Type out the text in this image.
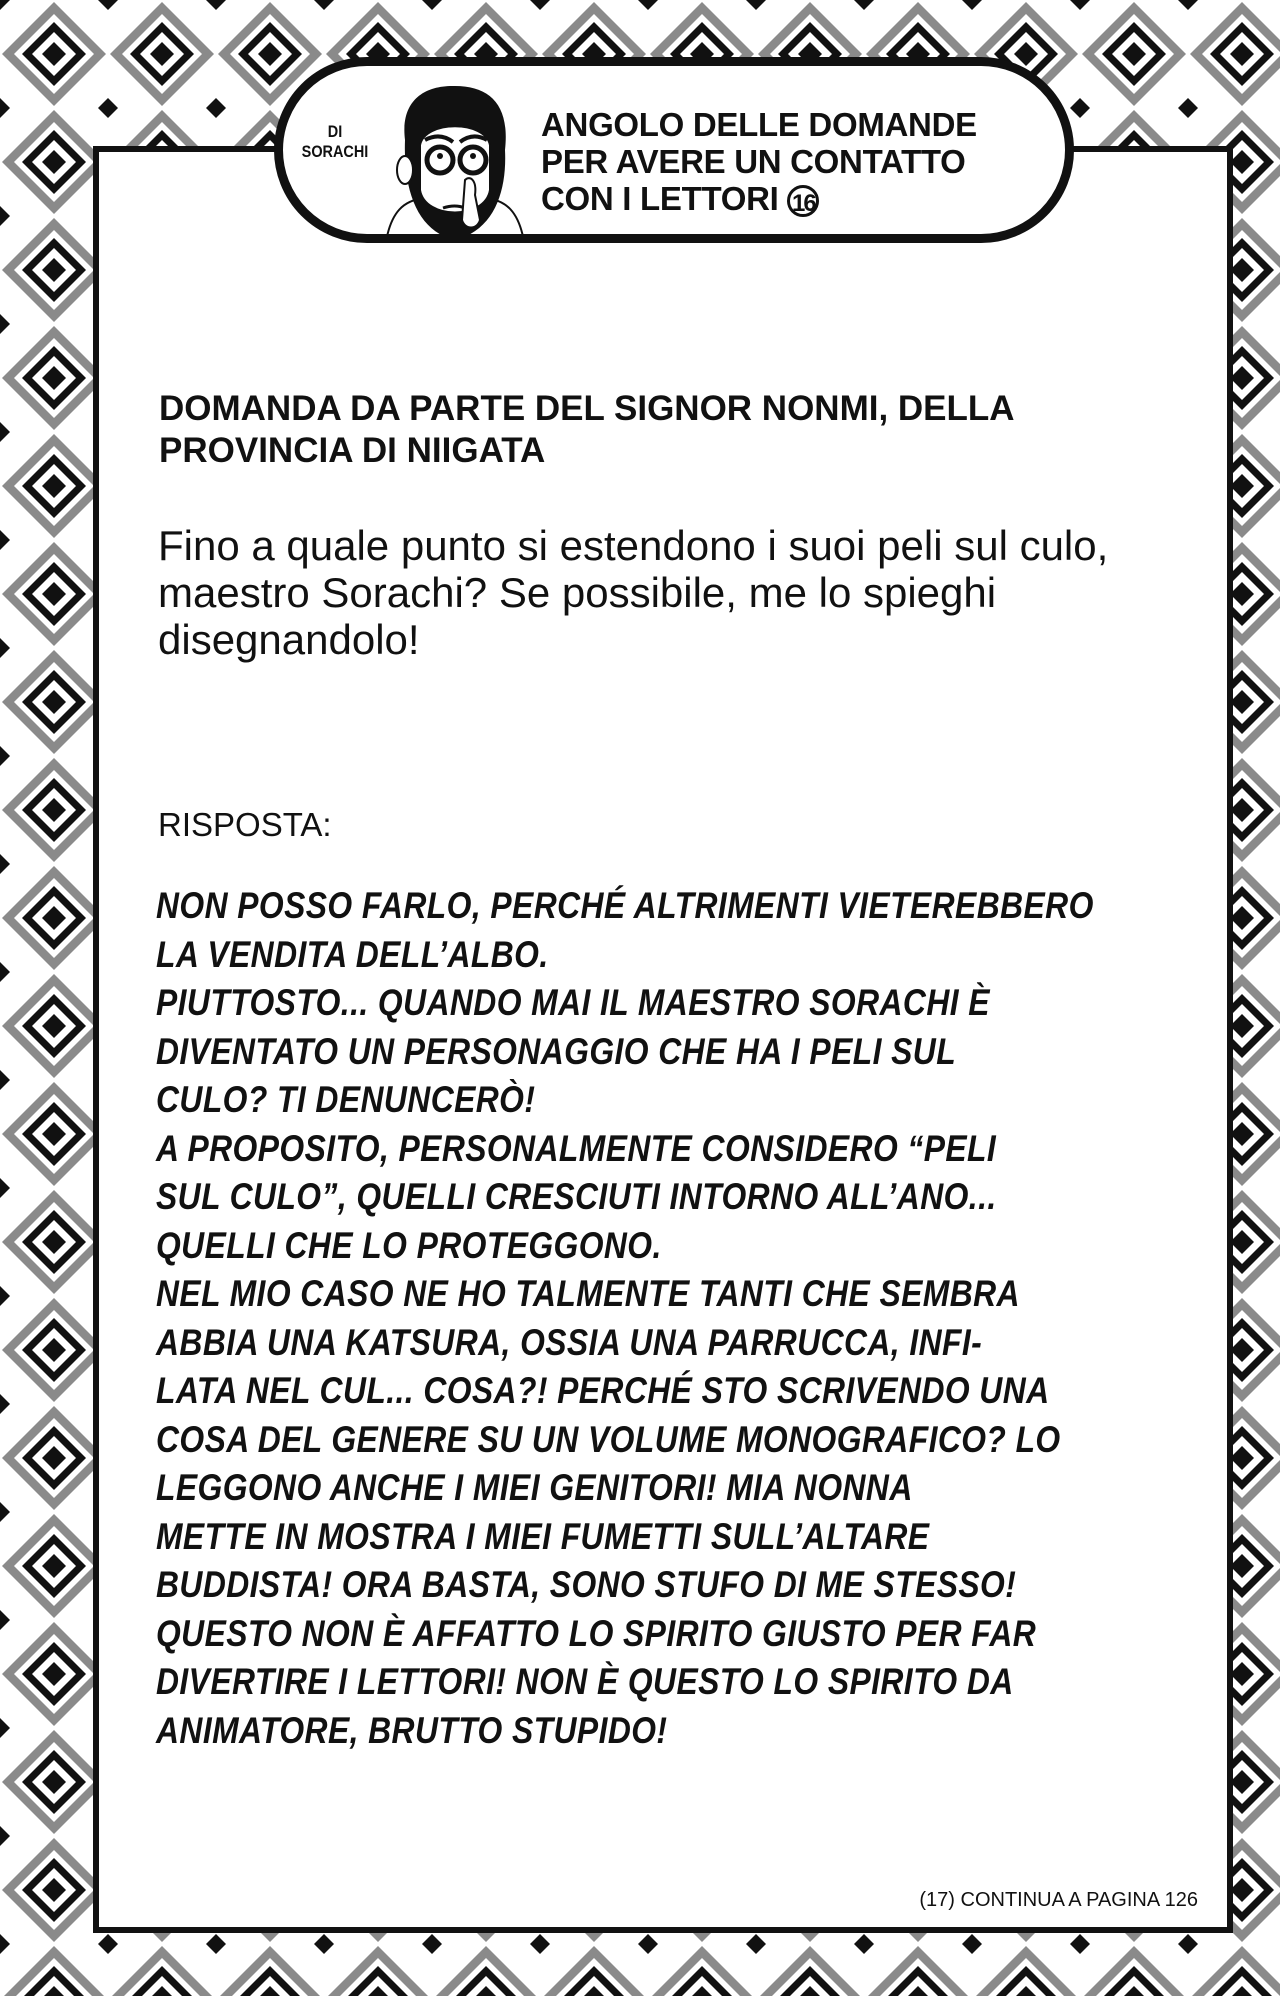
DI
SORACHI
ANGOLO DELLE DOMANDE
PER AVERE UN CONTATTO
CON I LETTORI 16
DOMANDA DA PARTE DEL SIGNOR NONMI, DELLA PROVINCIA DI NIIGATA
Fino a quale punto si estendono i suoi peli sul culo, maestro Sorachi? Se possibile, me lo spieghi disegnandolo!
RISPOSTA:
NON POSSO FARLO, PERCHÉ ALTRIMENTI VIETEREBBERO
LA VENDITA DELL’ALBO.
PIUTTOSTO... QUANDO MAI IL MAESTRO SORACHI È
DIVENTATO UN PERSONAGGIO CHE HA I PELI SUL
CULO? TI DENUNCERÒ!
A PROPOSITO, PERSONALMENTE CONSIDERO “PELI
SUL CULO”, QUELLI CRESCIUTI INTORNO ALL’ANO...
QUELLI CHE LO PROTEGGONO.
NEL MIO CASO NE HO TALMENTE TANTI CHE SEMBRA
ABBIA UNA KATSURA, OSSIA UNA PARRUCCA, INFI-
LATA NEL CUL... COSA?! PERCHÉ STO SCRIVENDO UNA
COSA DEL GENERE SU UN VOLUME MONOGRAFICO? LO
LEGGONO ANCHE I MIEI GENITORI! MIA NONNA
METTE IN MOSTRA I MIEI FUMETTI SULL’ALTARE
BUDDISTA! ORA BASTA, SONO STUFO DI ME STESSO!
QUESTO NON È AFFATTO LO SPIRITO GIUSTO PER FAR
DIVERTIRE I LETTORI! NON È QUESTO LO SPIRITO DA
ANIMATORE, BRUTTO STUPIDO!
(17) CONTINUA A PAGINA 126
